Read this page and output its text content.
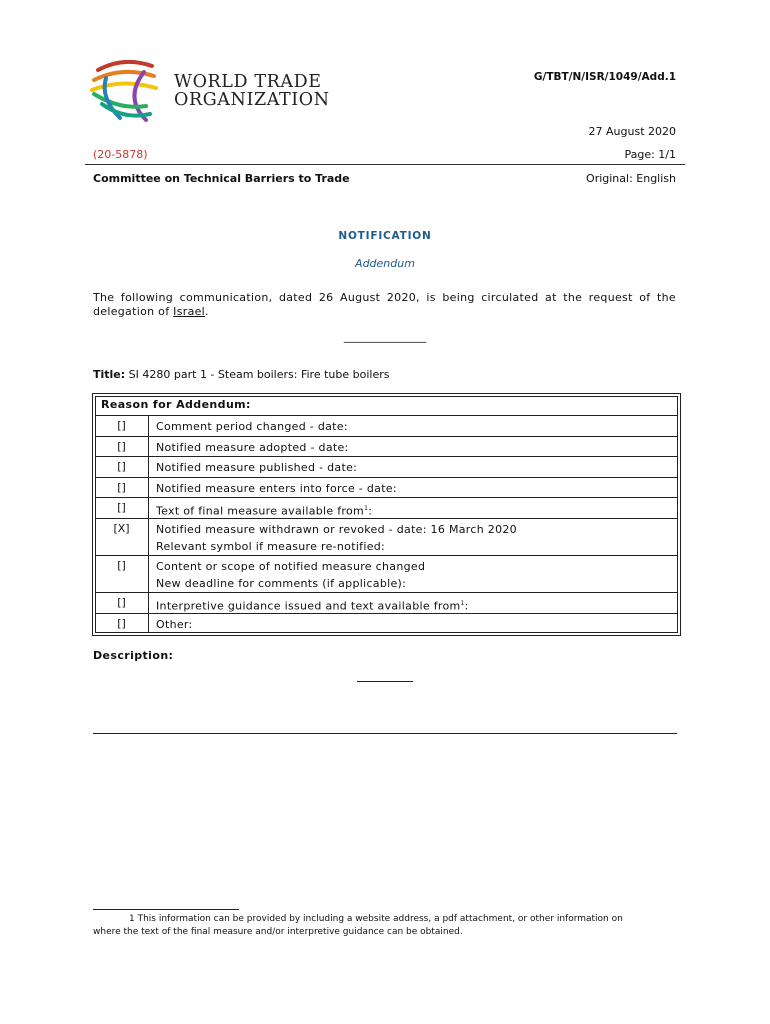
WORLD TRADE
ORGANIZATION
G/TBT/N/ISR/1049/Add.1
27 August 2020
(20-5878)	Page: 1/1
Committee on Technical Barriers to Trade	Original: English
NOTIFICATION
Addendum
The following communication, dated 26 August 2020, is being circulated at the request of the delegation of Israel.
_______________
Title: SI 4280 part 1 - Steam boilers: Fire tube boilers
Reason for Addendum:
[]	Comment period changed - date:
[]	Notified measure adopted - date:
[]	Notified measure published - date:
[]	Notified measure enters into force - date:
[]	Text of final measure available from$^1$:
[X]	Notified measure withdrawn or revoked - date: 16 March 2020
Relevant symbol if measure re-notified:
[]	Content or scope of notified measure changed
New deadline for comments (if applicable):
[]	Interpretive guidance issued and text available from$^1$:
[]	Other:
Description:
1 This information can be provided by including a website address, a pdf attachment, or other information on where the text of the final measure and/or interpretive guidance can be obtained.
